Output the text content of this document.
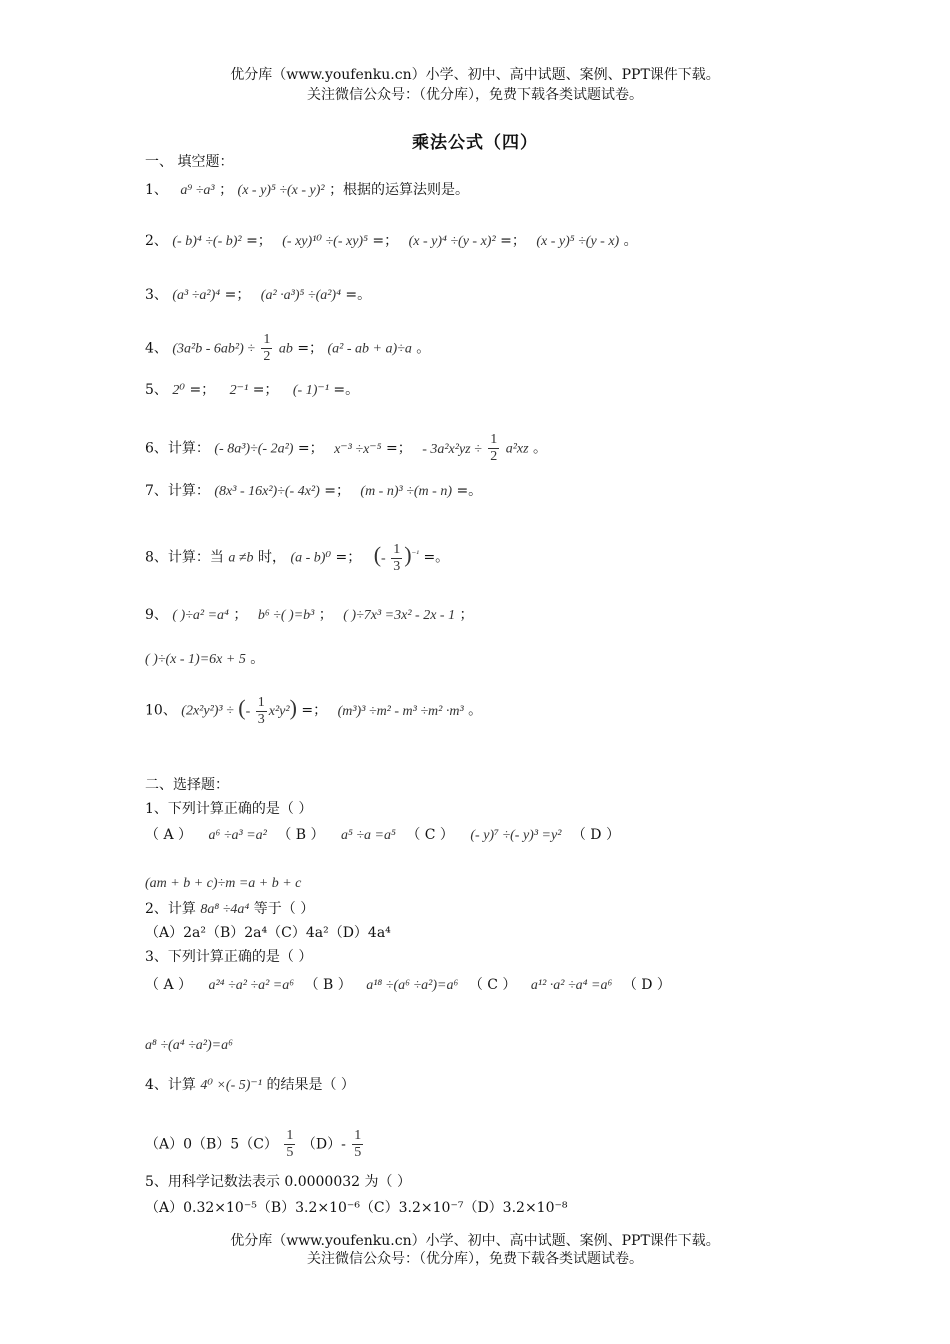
优分库（www.youfenku.cn）小学、初中、高中试题、案例、PPT课件下载。
关注微信公众号：（优分库），免费下载各类试题试卷。
乘法公式（四）
一、 填空题：
1、 a⁹ ÷a³ ； (x - y)⁵ ÷(x - y)² ；根据的运算法则是。
2、 (- b)⁴ ÷(- b)² =； (- xy)¹⁰ ÷(- xy)⁵ =； (x - y)⁴ ÷(y - x)² =； (x - y)⁵ ÷(y - x) 。
3、 (a³ ÷a²)⁴ =； (a² ·a³)⁵ ÷(a²)⁴ =。
4、 $(3a^2b - 6ab^2) \div \frac{1}{2}$ ab =； (a² - ab + a)÷a 。
5、 2⁰ =； 2⁻¹ =； (- 1)⁻¹ =。
6、计算： (- 8a³)÷(- 2a²) =； x⁻³ ÷x⁻⁵ =； - $3a^2x^2yz \div \frac{1}{2} a^2xz$ 。
7、计算： (8x³ - 16x²)÷(- 4x²) =； (m - n)³ ÷(m - n) =。
8、计算：当 a ≠b 时， (a - b)⁰ =； (- $\frac{1}{3} )^{^{-1}}$ =。
9、 ( )÷a² =a⁴ ； b⁶ ÷( )=b³ ； ( )÷7x³ =3x² - 2x - 1 ；
( )÷(x - 1)=6x + 5 。
10、 (2x²y²)³ ÷ (- $\frac{1}{3} x^2y^2$) =； (m³)³ ÷m² - m³ ÷m² ·m³ 。
二、选择题：
1、下列计算正确的是（ ）
（ A ） a⁶ ÷a³ =a² （ B ） a⁵ ÷a =a⁵ （ C ） (- y)⁷ ÷(- y)³ =y² （ D ）
(am + b + c)÷m =a + b + c
2、计算 8a⁸ ÷4a⁴ 等于（ ）
（A）2a²（B）2a⁴（C）4a²（D）4a⁴
3、下列计算正确的是（ ）
（ A ） a²⁴ ÷a² ÷a² =a⁶ （ B ） a¹⁸ ÷(a⁶ ÷a²)=a⁶ （ C ） a¹² ·a² ÷a⁴ =a⁶ （ D ）
a⁸ ÷(a⁴ ÷a²)=a⁶
4、计算 4⁰ ×(- 5)⁻¹ 的结果是（ ）
$(A)0(B)5(C) \frac{1}{5} (D)- \frac{1}{5}$
5、用科学记数法表示 0.0000032 为（ ）
（A）0.32×10⁻⁵（B）3.2×10⁻⁶（C）3.2×10⁻⁷（D）3.2×10⁻⁸
优分库（www.youfenku.cn）小学、初中、高中试题、案例、PPT课件下载。
关注微信公众号：（优分库），免费下载各类试题试卷。
